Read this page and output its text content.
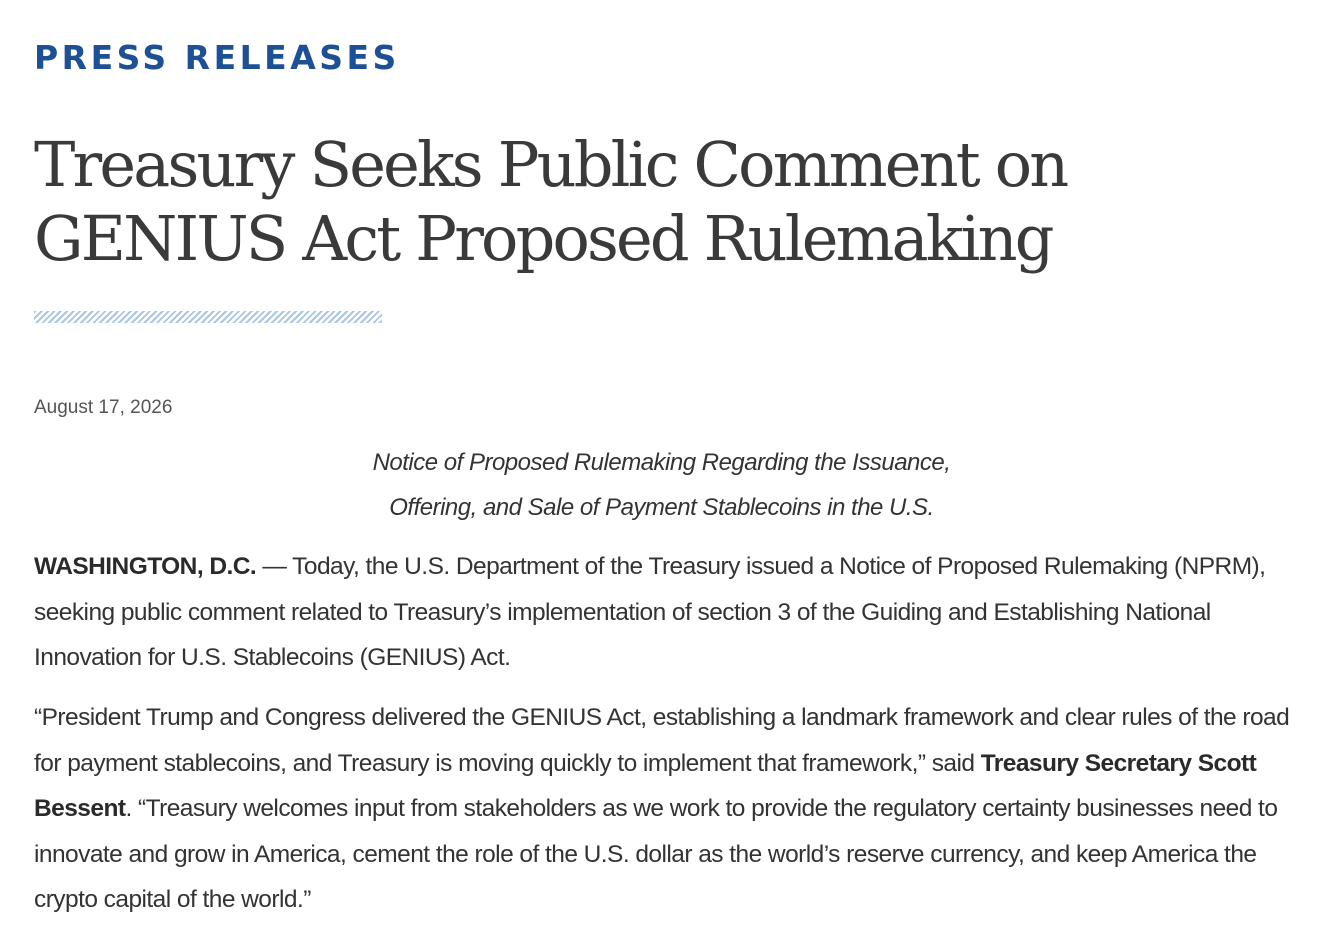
PRESS RELEASES

Treasury Seeks Public Comment on GENIUS Act Proposed Rulemaking

August 17, 2026

Notice of Proposed Rulemaking Regarding the Issuance,
Offering, and Sale of Payment Stablecoins in the U.S.

WASHINGTON, D.C. — Today, the U.S. Department of the Treasury issued a Notice of Proposed Rulemaking (NPRM), seeking public comment related to Treasury’s implementation of section 3 of the Guiding and Establishing National Innovation for U.S. Stablecoins (GENIUS) Act.

“President Trump and Congress delivered the GENIUS Act, establishing a landmark framework and clear rules of the road for payment stablecoins, and Treasury is moving quickly to implement that framework,” said Treasury Secretary Scott Bessent. “Treasury welcomes input from stakeholders as we work to provide the regulatory certainty businesses need to innovate and grow in America, cement the role of the U.S. dollar as the world’s reserve currency, and keep America the crypto capital of the world.”
